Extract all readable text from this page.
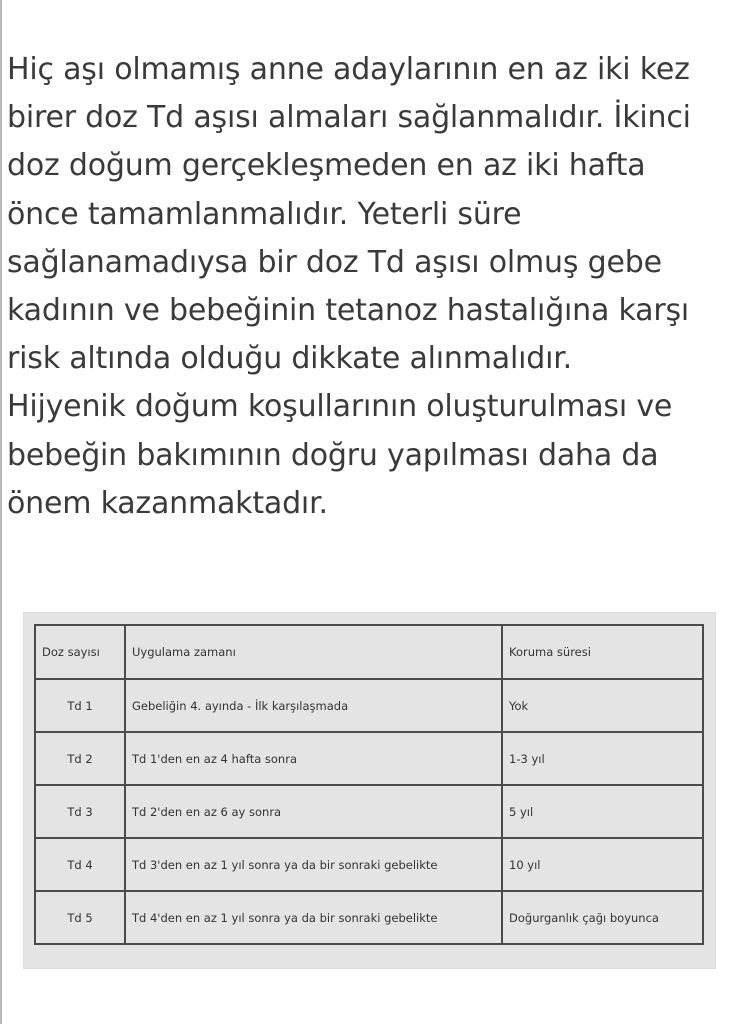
Hiç aşı olmamış anne adaylarının en az iki kez
birer doz Td aşısı almaları sağlanmalıdır. İkinci
doz doğum gerçekleşmeden en az iki hafta
önce tamamlanmalıdır. Yeterli süre
sağlanamadıysa bir doz Td aşısı olmuş gebe
kadının ve bebeğinin tetanoz hastalığına karşı
risk altında olduğu dikkate alınmalıdır.
Hijyenik doğum koşullarının oluşturulması ve
bebeğin bakımının doğru yapılması daha da
önem kazanmaktadır.

Doz sayısı	Uygulama zamanı	Koruma süresi
Td 1	Gebeliğin 4. ayında - İlk karşılaşmada	Yok
Td 2	Td 1'den en az 4 hafta sonra	1-3 yıl
Td 3	Td 2'den en az 6 ay sonra	5 yıl
Td 4	Td 3'den en az 1 yıl sonra ya da bir sonraki gebelikte	10 yıl
Td 5	Td 4'den en az 1 yıl sonra ya da bir sonraki gebelikte	Doğurganlık çağı boyunca
